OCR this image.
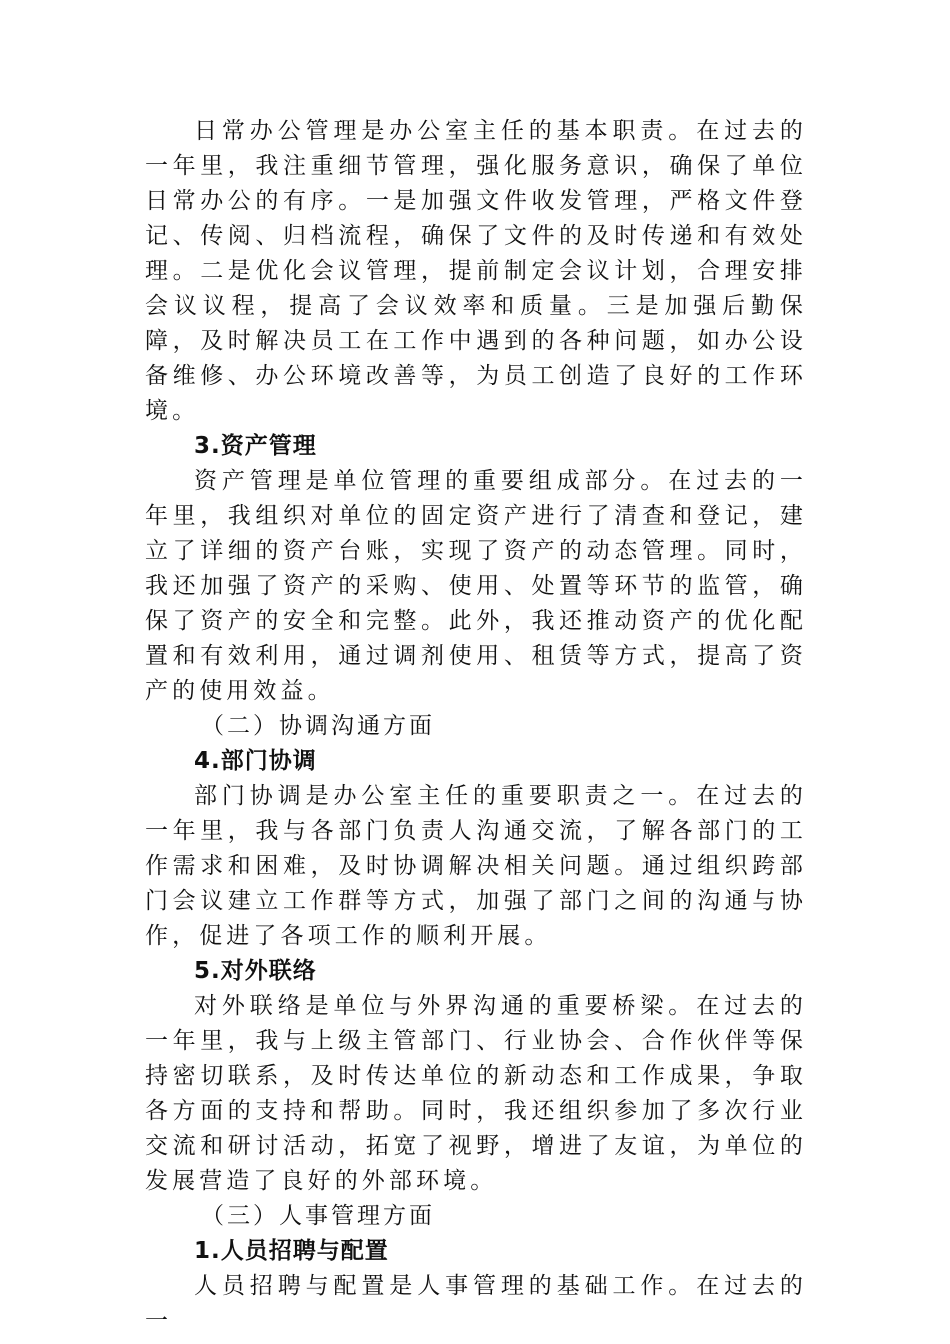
日常办公管理是办公室主任的基本职责。在过去的一年里，我注重细节管理，强化服务意识，确保了单位日常办公的有序。一是加强文件收发管理，严格文件登记、传阅、归档流程，确保了文件的及时传递和有效处理。二是优化会议管理，提前制定会议计划，合理安排会议议程，提高了会议效率和质量。三是加强后勤保障，及时解决员工在工作中遇到的各种问题，如办公设备维修、办公环境改善等，为员工创造了良好的工作环境。

3.资产管理

资产管理是单位管理的重要组成部分。在过去的一年里，我组织对单位的固定资产进行了清查和登记，建立了详细的资产台账，实现了资产的动态管理。同时，我还加强了资产的采购、使用、处置等环节的监管，确保了资产的安全和完整。此外，我还推动资产的优化配置和有效利用，通过调剂使用、租赁等方式，提高了资产的使用效益。

（二）协调沟通方面

4.部门协调

部门协调是办公室主任的重要职责之一。在过去的一年里，我与各部门负责人沟通交流，了解各部门的工作需求和困难，及时协调解决相关问题。通过组织跨部门会议建立工作群等方式，加强了部门之间的沟通与协作，促进了各项工作的顺利开展。

5.对外联络

对外联络是单位与外界沟通的重要桥梁。在过去的一年里，我与上级主管部门、行业协会、合作伙伴等保持密切联系，及时传达单位的新动态和工作成果，争取各方面的支持和帮助。同时，我还组织参加了多次行业交流和研讨活动，拓宽了视野，增进了友谊，为单位的发展营造了良好的外部环境。

（三）人事管理方面

1.人员招聘与配置

人员招聘与配置是人事管理的基础工作。在过去的一
